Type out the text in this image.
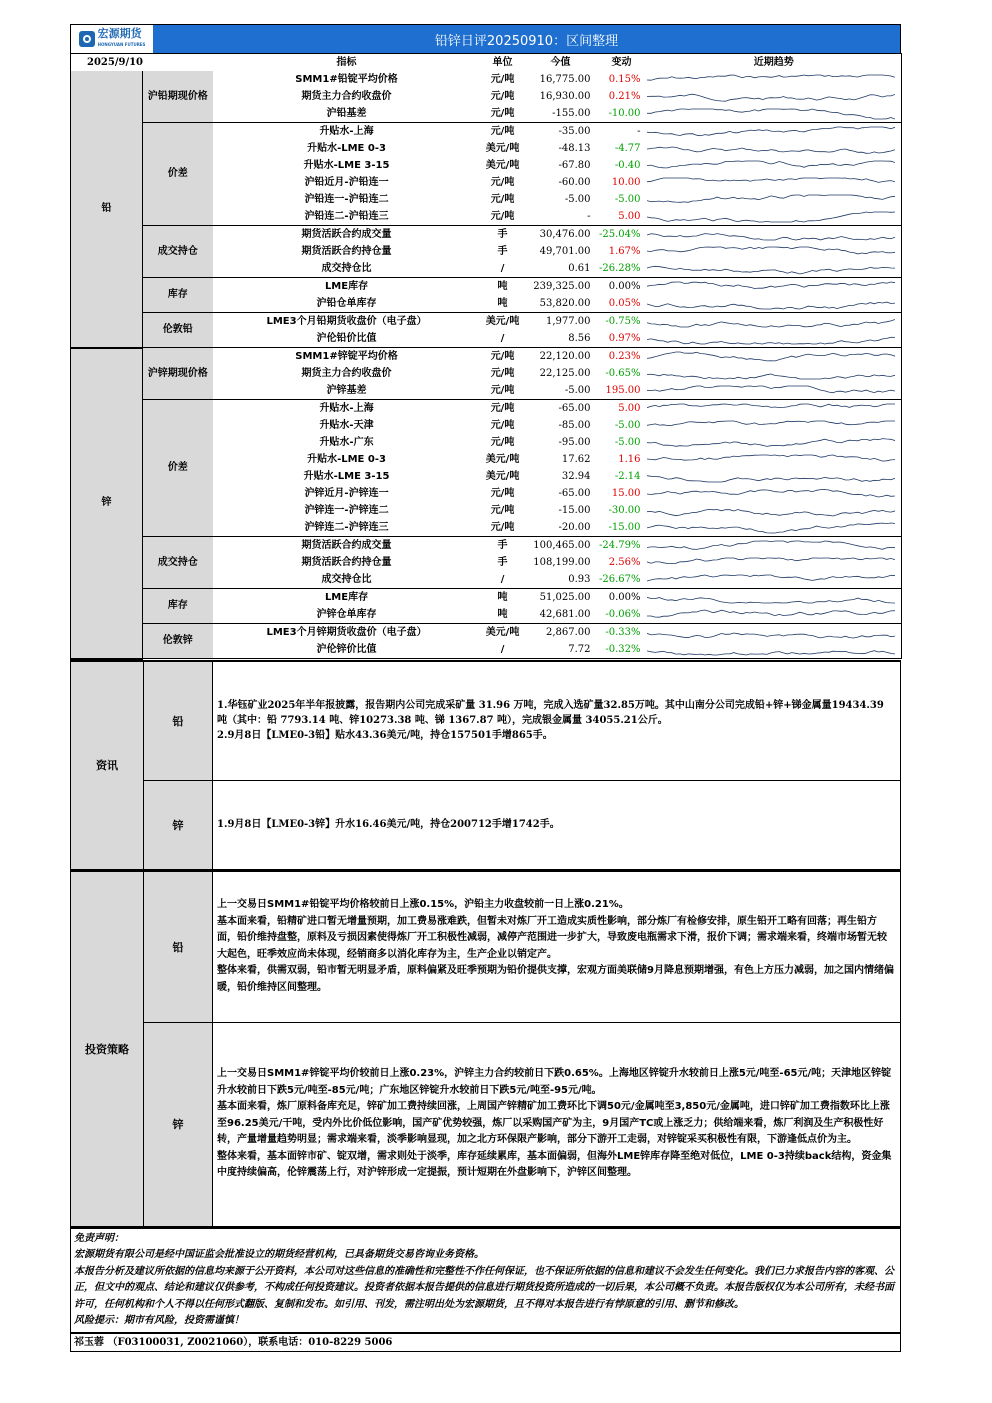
宏源期货
HONGYUAN FUTURES	铅锌日评20250910：区间整理
2025/9/10		指标	单位	今值	变动	近期趋势
铅	沪铅期现价格	SMM1#铅锭平均价格	元/吨	16,775.00	0.15%	

		期货主力合约收盘价	元/吨	16,930.00	0.21%	

		沪铅基差	元/吨	-155.00	-10.00	

	价差	升贴水-上海	元/吨	-35.00	-	

		升贴水-LME 0-3	美元/吨	-48.13	-4.77	

		升贴水-LME 3-15	美元/吨	-67.80	-0.40	

		沪铅近月-沪铅连一	元/吨	-60.00	10.00	

		沪铅连一-沪铅连二	元/吨	-5.00	-5.00	

		沪铅连二-沪铅连三	元/吨	-	5.00	

	成交持仓	期货活跃合约成交量	手	30,476.00	-25.04%	

		期货活跃合约持仓量	手	49,701.00	1.67%	

		成交持仓比	/	0.61	-26.28%	

	库存	LME库存	吨	239,325.00	0.00%	

		沪铅仓单库存	吨	53,820.00	0.05%	

	伦敦铅	LME3个月铅期货收盘价（电子盘）	美元/吨	1,977.00	-0.75%	

		沪伦铅价比值	/	8.56	0.97%	

锌	沪锌期现价格	SMM1#锌锭平均价格	元/吨	22,120.00	0.23%	

		期货主力合约收盘价	元/吨	22,125.00	-0.65%	

		沪锌基差	元/吨	-5.00	195.00	

	价差	升贴水-上海	元/吨	-65.00	5.00	

		升贴水-天津	元/吨	-85.00	-5.00	

		升贴水-广东	元/吨	-95.00	-5.00	

		升贴水-LME 0-3	美元/吨	17.62	1.16	

		升贴水-LME 3-15	美元/吨	32.94	-2.14	

		沪锌近月-沪锌连一	元/吨	-65.00	15.00	

		沪锌连一-沪锌连二	元/吨	-15.00	-30.00	

		沪锌连二-沪锌连三	元/吨	-20.00	-15.00	

	成交持仓	期货活跃合约成交量	手	100,465.00	-24.79%	

		期货活跃合约持仓量	手	108,199.00	2.56%	

		成交持仓比	/	0.93	-26.67%	

	库存	LME库存	吨	51,025.00	0.00%	

		沪锌仓单库存	吨	42,681.00	-0.06%	

	伦敦锌	LME3个月锌期货收盘价（电子盘）	美元/吨	2,867.00	-0.33%	

		沪伦锌价比值	/	7.72	-0.32%	
资讯
铅

1.华钰矿业2025年半年报披露，报告期内公司完成采矿量 31.96 万吨，完成入选矿量32.85万吨。其中山南分公司完成铅+锌+锑金属量19434.39 吨（其中：铅 7793.14 吨、锌10273.38 吨、锑 1367.87 吨），完成银金属量 34055.21公斤。

2.9月8日【LME0-3铅】贴水43.36美元/吨，持仓157501手增865手。

锌	1.9月8日【LME0-3锌】升水16.46美元/吨，持仓200712手增1742手。

投资策略
铅

上一交易日SMM1#铅锭平均价格较前日上涨0.15%，沪铅主力收盘较前一日上涨0.21%。

基本面来看，铅精矿进口暂无增量预期，加工费易涨难跌，但暂未对炼厂开工造成实质性影响，部分炼厂有检修安排，原生铅开工略有回落；再生铅方面，铅价维持盘整，原料及亏损因素使得炼厂开工积极性减弱，减停产范围进一步扩大，导致废电瓶需求下滑，报价下调；需求端来看，终端市场暂无较大起色，旺季效应尚未体现，经销商多以消化库存为主，生产企业以销定产。

整体来看，供需双弱，铅市暂无明显矛盾，原料偏紧及旺季预期为铅价提供支撑，宏观方面美联储9月降息预期增强，有色上方压力减弱，加之国内情绪偏暖，铅价维持区间整理。

锌

上一交易日SMM1#锌锭平均价较前日上涨0.23%，沪锌主力合约较前日下跌0.65%。上海地区锌锭升水较前日上涨5元/吨至-65元/吨；天津地区锌锭升水较前日下跌5元/吨至-85元/吨；广东地区锌锭升水较前日下跌5元/吨至-95元/吨。

基本面来看，炼厂原料备库充足，锌矿加工费持续回涨，上周国产锌精矿加工费环比下调50元/金属吨至3,850元/金属吨，进口锌矿加工费指数环比上涨至96.25美元/干吨，受内外比价低位影响，国产矿优势较强，炼厂以采购国产矿为主，9月国产TC或上涨乏力；供给端来看，炼厂利润及生产积极性好转，产量增量趋势明显；需求端来看，淡季影响显现，加之北方环保限产影响，部分下游开工走弱，对锌锭采买积极性有限，下游逢低点价为主。

整体来看，基本面锌市矿、锭双增，需求则处于淡季，库存延续累库，基本面偏弱，但海外LME锌库存降至绝对低位，LME 0-3持续back结构，资金集中度持续偏高，伦锌震荡上行，对沪锌形成一定提振，预计短期在外盘影响下，沪锌区间整理。

免责声明：

宏源期货有限公司是经中国证监会批准设立的期货经营机构，已具备期货交易咨询业务资格。

本报告分析及建议所依据的信息均来源于公开资料，本公司对这些信息的准确性和完整性不作任何保证，也不保证所依据的信息和建议不会发生任何变化。我们已力求报告内容的客观、公正，但文中的观点、结论和建议仅供参考，不构成任何投资建议。投资者依据本报告提供的信息进行期货投资所造成的一切后果，本公司概不负责。本报告版权仅为本公司所有，未经书面许可，任何机构和个人不得以任何形式翻版、复制和发布。如引用、刊发，需注明出处为宏源期货，且不得对本报告进行有悖原意的引用、删节和修改。

风险提示：期市有风险，投资需谨慎！

祁玉蓉 （F03100031, Z0021060），联系电话：010-8229 5006
